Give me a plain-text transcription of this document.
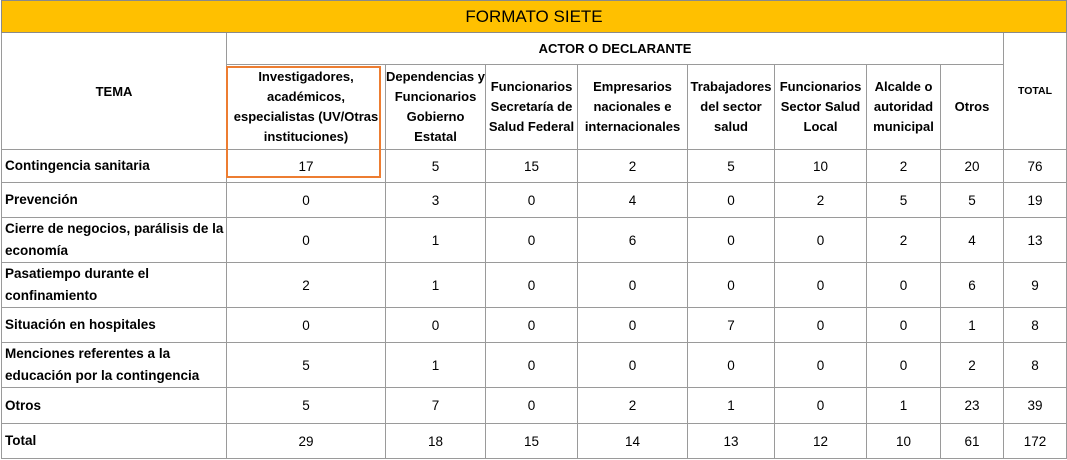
FORMATO SIETE									
TEMA	ACTOR O DECLARANTE								TOTAL
	Investigadores, académicos, especialistas (UV/Otras instituciones)	Dependencias y Funcionarios Gobierno Estatal	Funcionarios Secretaría de Salud Federal	Empresarios nacionales e internacionales	Trabajadores del sector salud	Funcionarios Sector Salud Local	Alcalde o autoridad municipal	Otros	
Contingencia sanitaria	17	5	15	2	5	10	2	20	76
Prevención	0	3	0	4	0	2	5	5	19
Cierre de negocios, parálisis de la economía	0	1	0	6	0	0	2	4	13
Pasatiempo durante el confinamiento	2	1	0	0	0	0	0	6	9
Situación en hospitales	0	0	0	0	7	0	0	1	8
Menciones referentes a la educación por la contingencia	5	1	0	0	0	0	0	2	8
Otros	5	7	0	2	1	0	1	23	39
Total	29	18	15	14	13	12	10	61	172
